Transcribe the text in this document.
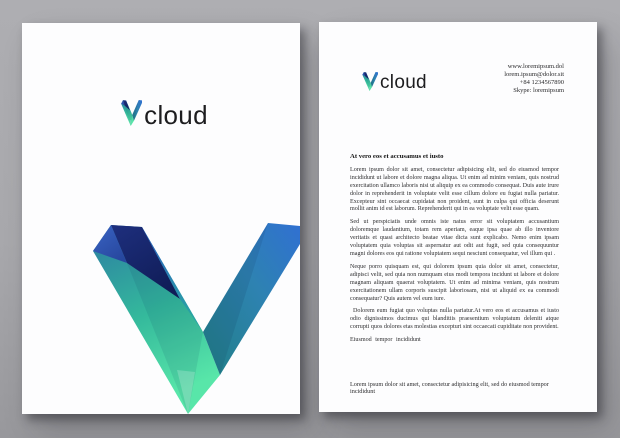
cloud
cloud
www.loremipsum.dol
lorem.ipsum@dolor.sit
+84 1234567890
Skype: loremipsum
At vero eos et accusamus et iusto

Lorem ipsum dolor sit amet, consectetur adipisicing elit, sed do eiusmod tempor incididunt ut labore et dolore magna aliqua. Ut enim ad minim veniam, quis nostrud exercitation ullamco laboris nisi ut aliquip ex ea commodo consequat. Duis aute irure dolor in reprehenderit in voluptate velit esse cillum dolore eu fugiat nulla pariatur. Excepteur sint occaecat cupidatat non proident, sunt in culpa qui officia deserunt mollit anim id est laborum. Reprehenderit qui in ea voluptate velit esse quam.

Sed ut perspiciatis unde omnis iste natus error sit voluptatem accusantium doloremque laudantium, totam rem aperiam, eaque ipsa quae ab illo inventore veritatis et quasi architecto beatae vitae dicta sunt explicabo. Nemo enim ipsam voluptatem quia voluptas sit aspernatur aut odit aut fugit, sed quia consequuntur magni dolores eos qui ratione voluptatem sequi nesciunt consequatur, vel illum qui .

Neque porro quisquam est, qui dolorem ipsum quia dolor sit amet, consectetur, adipisci velit, sed quia non numquam eius modi tempora incidunt ut labore et dolore magnam aliquam quaerat voluptatem. Ut enim ad minima veniam, quis nostrum exercitationem ullam corporis suscipit laboriosam, nisi ut aliquid ex ea commodi consequatur? Quis autem vel eum iure.

Dolorem eum fugiat quo voluptas nulla pariatur.At vero eos et accusamus et iusto odio dignissimos ducimus qui blanditiis praesentium voluptatum deleniti atque corrupti quos dolores etas molestias excepturi sint occaecati cupiditate non provident.

Eiusmod tempor incididunt

Lorem ipsum dolor sit amet, consectetur adipisicing elit, sed do eiusmod tempor incididunt
